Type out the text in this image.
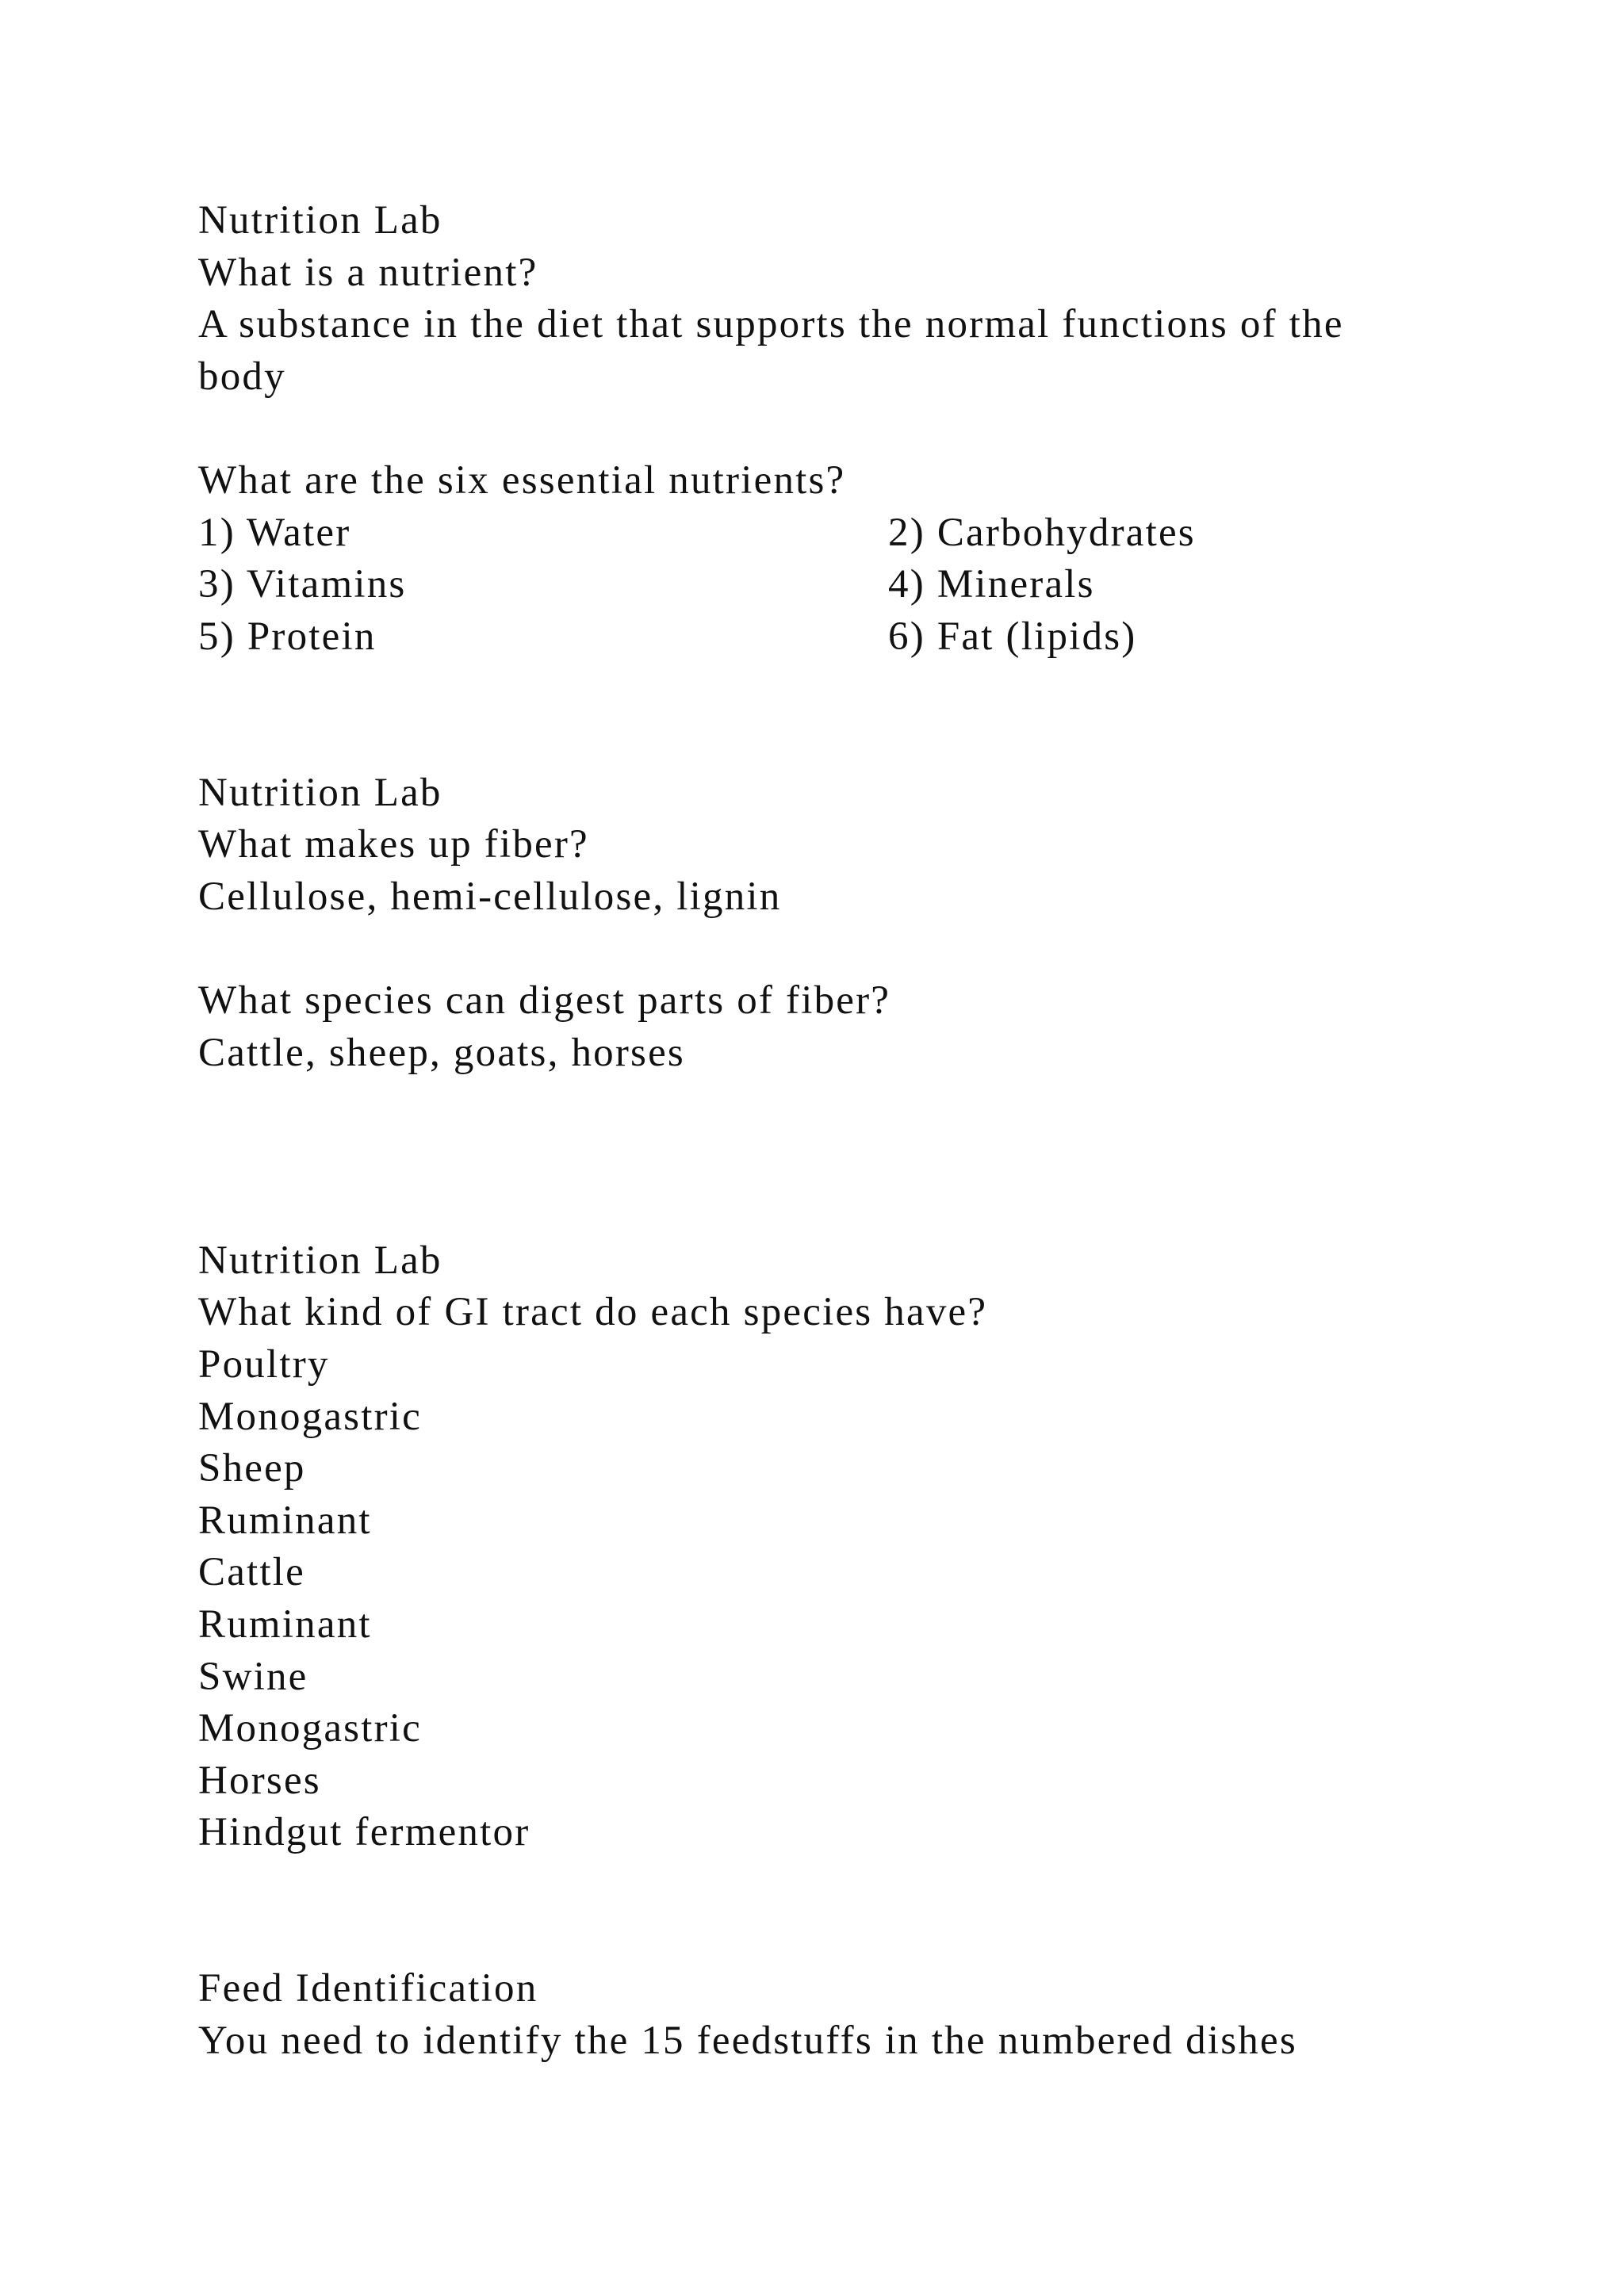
Nutrition Lab
What is a nutrient?
A substance in the diet that supports the normal functions of the
body
What are the six essential nutrients?
1) Water	2) Carbohydrates
3) Vitamins	4) Minerals
5) Protein	6) Fat (lipids)
Nutrition Lab
What makes up fiber?
Cellulose, hemi-cellulose, lignin
What species can digest parts of fiber?
Cattle, sheep, goats, horses
Nutrition Lab
What kind of GI tract do each species have?
Poultry
Monogastric
Sheep
Ruminant
Cattle
Ruminant
Swine
Monogastric
Horses
Hindgut fermentor
Feed Identification
You need to identify the 15 feedstuffs in the numbered dishes
